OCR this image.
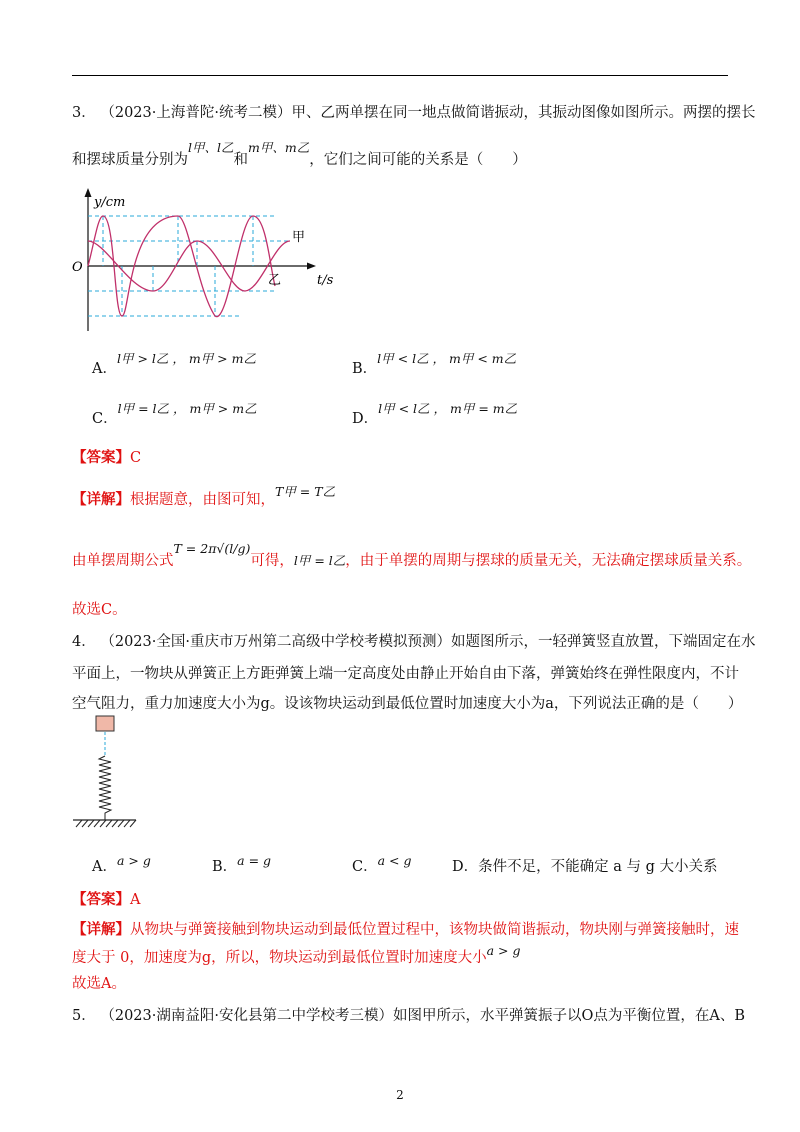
3． （2023·上海普陀·统考二模）甲、乙两单摆在同一地点做简谐振动，其振动图像如图所示。两摆的摆长
和摆球质量分别为l甲、l乙和m甲、m乙，它们之间可能的关系是（　　）
y/cm
O
t/s
甲
乙
A．l甲 > l乙 ， m甲 > m乙
B．l甲 < l乙 ， m甲 < m乙
C．l甲 = l乙 ， m甲 > m乙
D．l甲 < l乙 ， m甲 = m乙
【答案】C
【详解】根据题意，由图可知，T甲 = T乙
由单摆周期公式T = 2π√(l/g)可得，l甲 = l乙，由于单摆的周期与摆球的质量无关，无法确定摆球质量关系。
故选C。
4． （2023·全国·重庆市万州第二高级中学校考模拟预测）如题图所示，一轻弹簧竖直放置，下端固定在水
平面上，一物块从弹簧正上方距弹簧上端一定高度处由静止开始自由下落，弹簧始终在弹性限度内，不计
空气阻力，重力加速度大小为g。设该物块运动到最低位置时加速度大小为a，下列说法正确的是（　　）
A．a > g	B．a = g	C．a < g	D．条件不足，不能确定 a 与 g 大小关系
【答案】A
【详解】从物块与弹簧接触到物块运动到最低位置过程中，该物块做简谐振动，物块刚与弹簧接触时，速
度大于 0，加速度为g，所以，物块运动到最低位置时加速度大小a > g
故选A。
5． （2023·湖南益阳·安化县第二中学校考三模）如图甲所示，水平弹簧振子以O点为平衡位置，在A、B
2
